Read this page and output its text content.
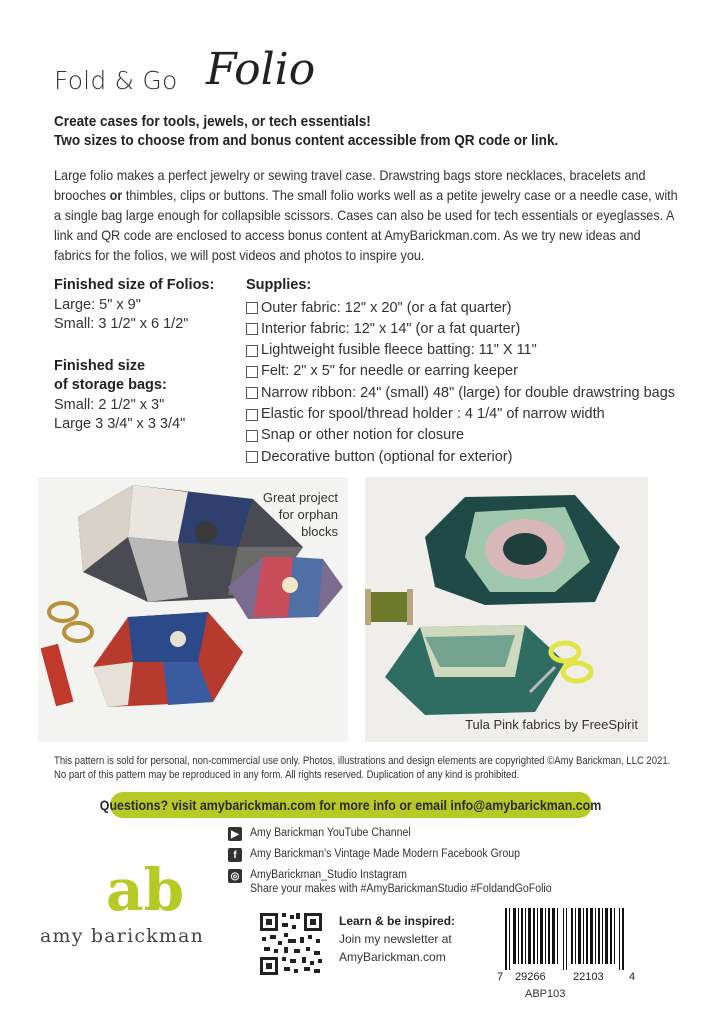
Fold & Go Folio
Create cases for tools, jewels, or tech essentials!
Two sizes to choose from and bonus content accessible from QR code or link.
Large folio makes a perfect jewelry or sewing travel case. Drawstring bags store necklaces, bracelets and brooches or thimbles, clips or buttons. The small folio works well as a petite jewelry case or a needle case, with a single bag large enough for collapsible scissors. Cases can also be used for tech essentials or eyeglasses. A link and QR code are enclosed to access bonus content at AmyBarickman.com. As we try new ideas and fabrics for the folios, we will post videos and photos to inspire you.
Finished size of Folios:
Large: 5" x 9"
Small: 3 1/2" x 6 1/2"
Finished size
of storage bags:
Small: 2 1/2" x 3"
Large 3 3/4" x 3 3/4"
Supplies:
Outer fabric: 12" x 20" (or a fat quarter)
Interior fabric: 12" x 14" (or a fat quarter)
Lightweight fusible fleece batting: 11" X 11"
Felt: 2" x 5" for needle or earring keeper
Narrow ribbon: 24" (small) 48" (large) for double drawstring bags
Elastic for spool/thread holder : 4 1/4" of narrow width
Snap or other notion for closure
Decorative button (optional for exterior)
Great project for orphan blocks
Tula Pink fabrics by FreeSpirit
This pattern is sold for personal, non-commercial use only. Photos, illustrations and design elements are copyrighted ©Amy Barickman, LLC 2021.
No part of this pattern may be reproduced in any form. All rights reserved. Duplication of any kind is prohibited.
Questions? visit amybarickman.com for more info or email info@amybarickman.com
ab
amy barickman
▶ Amy Barickman YouTube Channel
f	Amy Barickman's Vintage Made Modern Facebook Group
◎ AmyBarickman_Studio Instagram
Share your makes with #AmyBarickmanStudio #FoldandGoFolio
Learn & be inspired:
Join my newsletter at
AmyBarickman.com
7 29266 22103 4
ABP103
